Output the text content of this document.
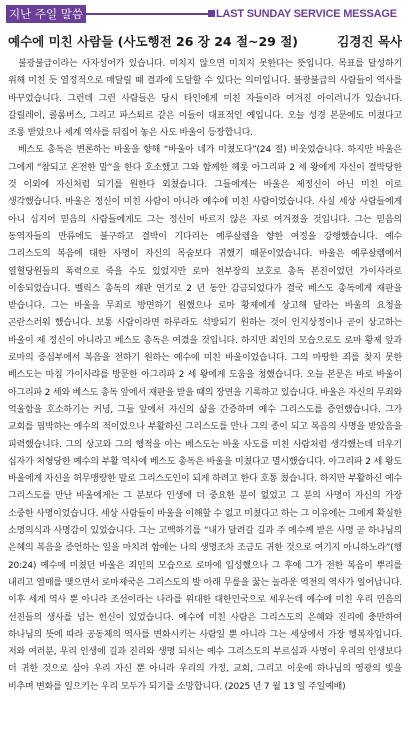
지난 주일 말씀	LAST SUNDAY SERVICE MESSAGE
예수에 미친 사람들 (사도행전 26 장 24 절~29 절)	김경진 목사

불광불급이라는 사자성어가 있습니다. 미치지 않으면 미치지 못한다는 뜻입니다. 목표를 달성하기 위해 미친 듯 열정적으로 매달릴 때 결과에 도달할 수 있다는 의미입니다. 불광불급의 사람들이 역사를 바꾸었습니다. 그런데 그런 사람들은 당시 타인에게 미친 자들이라 여겨진 아이러니가 있습니다. 갈릴레이, 콜롬버스, 그리고 파스퇴르 같은 이들이 대표적인 예입니다. 오늘 성경 본문에도 미쳤다고 조롱 받았으나 세계 역사를 뒤집어 놓은 사도 바울이 등장합니다.

베스도 총독은 변론하는 바울을 향해 “바울아 네가 미쳤도다”(24 절) 비웃었습니다. 하지만 바울은 그에게 “참되고 온전한 말”을 한다 호소했고 그와 함께한 헤롯 아그리파 2 세 왕에게 자신이 결박당한 것 이외에 자신처럼 되기를 원한다 외쳤습니다. 그들에게는 바울은 제정신이 아닌 미친 이로 생각했습니다. 바울은 정신이 미친 사람이 아니라 예수에 미친 사람이었습니다. 사실 세상 사람들에게 아니 심지어 믿음의 사람들에게도 그는 정신이 바르지 않은 자로 여겨졌을 것입니다. 그는 믿음의 동역자들의 만류에도 불구하고 결박이 기다리는 예루살렘을 향한 여정을 강행했습니다. 예수 그리스도의 복음에 대한 사명이 자신의 목숨보다 귀했기 때문이었습니다. 바울은 예루살렘에서 열혈당원들의 폭력으로 죽을 수도 있었지만 로마 천부장의 보호로 총독 본진이었던 가이사라로 이송되었습니다. 벨릭스 총독의 재판 연기로 2 년 동안 감금되었다가 결국 베스도 총독에게 재판을 받습니다. 그는 바울을 무죄로 방면하기 원했으나 로마 황제에게 상고해 달라는 바울의 요청을 곤란스러워 했습니다. 보통 사람이라면 하루라도 석방되기 원하는 것이 인지상정이나 곧이 상고하는 바울이 제 정신이 아니라고 베스도 총독은 여겼을 것입니다. 하지만 죄인의 모습으로도 로마 황제 앞과 로마의 중심부에서 복음을 전하기 원하는 예수에 미친 바울이었습니다. 그의 마땅한 죄를 찾지 못한 베스도는 마침 가이사랴를 방문한 아그리파 2 세 왕에게 도움을 청했습니다. 오늘 본문은 바로 바울이 아그리파 2 세와 베스도 총독 앞에서 재판을 받을 때의 장면을 기록하고 있습니다. 바울은 자신의 무죄와 억울함을 호소하기는 커녕, 그들 앞에서 자신의 삶을 간증하며 예수 그리스도를 증언했습니다. 그가 교회를 핍박하는 예수의 적이었으나 부활하신 그리스도를 만나 그의 종이 되고 복음의 사명을 받았음을 피력했습니다. 그의 상고와 그의 행적을 아는 베스도는 바울 사도를 미친 사람처럼 생각했는데 더우기 십자가 처형당한 예수의 부활 역사에 베스도 총독은 바울을 미쳤다고 멸시했습니다. 아그리파 2 세 왕도 바울에게 자신을 허무맹랑한 말로 그리스도인이 되게 하려고 한다 호통 쳤습니다. 하지만 부활하신 예수 그리스도를 만난 바울에게는 그 분보다 인생에 더 중요한 분이 없었고 그 분의 사명이 자신의 가장 소중한 사명이었습니다. 세상 사람들이 바울을 이해할 수 없고 미쳤다고 하는 그 이유에는 그에게 확실한 소명의식과 사명감이 있었습니다. 그는 고백하기를 “내가 달려갈 길과 주 예수께 받은 사명 곧 하나님의 은혜의 복음을 증언하는 일을 마치려 함에는 나의 생명조차 조금도 귀한 것으로 여기지 아니하노라”(행 20:24) 예수에 미쳤던 바울은 죄인의 모습으로 로마에 입성했으나 그 후에 그가 전한 복음이 뿌리를 내리고 열매를 맺으면서 로마제국은 그리스도의 발 아래 무릎을 꿇는 놀라운 역전의 역사가 일어납니다. 이후 세계 역사 뿐 아니라 조선이라는 나라를 위대한 대한민국으로 세우는데 예수에 미친 우리 민음의 선진들의 생사를 넘는 헌신이 있었습니다. 예수에 미친 사람은 그리스도의 은혜와 진리에 충만하여 하나님의 뜻에 따라 공동체의 역사를 변화시키는 사람일 뿐 아니라 그는 세상에서 가장 행복자입니다. 저와 여러분, 우리 인생에 길과 진리와 생명 되시는 예수 그리스도의 부르심과 사명이 우리의 인생보다 더 귀한 것으로 삼아 우리 자신 뿐 아니라 우리의 가정, 교회, 그리고 이웃에 하나님의 영광의 빛을 비추며 변화를 일으키는 우리 모두가 되기를 소망합니다. (2025 년 7 월 13 일 주일예배)
